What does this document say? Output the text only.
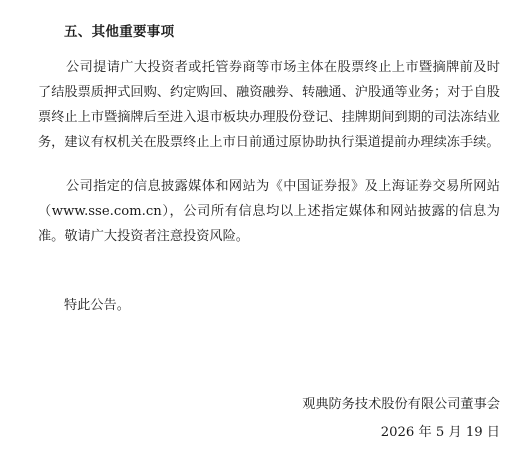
五、其他重要事项

公司提请广大投资者或托管券商等市场主体在股票终止上市暨摘牌前及时了结股票质押式回购、约定购回、融资融券、转融通、沪股通等业务；对于自股票终止上市暨摘牌后至进入退市板块办理股份登记、挂牌期间到期的司法冻结业务，建议有权机关在股票终止上市日前通过原协助执行渠道提前办理续冻手续。

公司指定的信息披露媒体和网站为《中国证券报》及上海证券交易所网站（www.sse.com.cn），公司所有信息均以上述指定媒体和网站披露的信息为准。敬请广大投资者注意投资风险。

特此公告。

观典防务技术股份有限公司董事会

2026 年 5 月 19 日
